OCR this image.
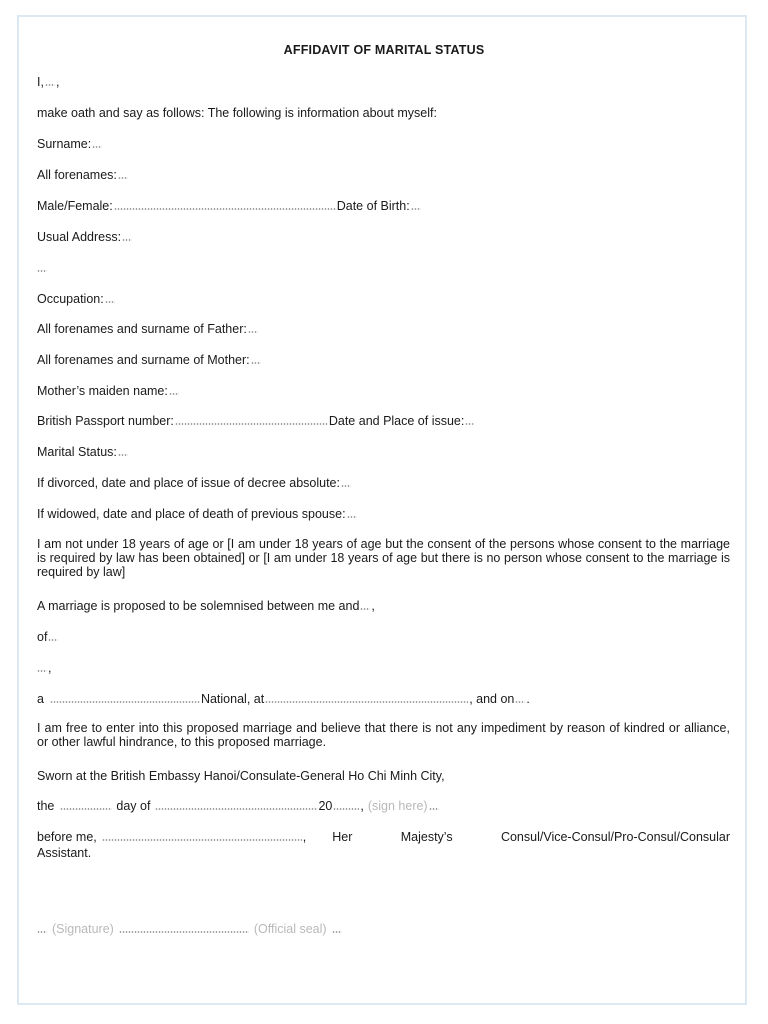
AFFIDAVIT OF MARITAL STATUS
I, ,
make oath and say as follows: The following is information about myself:
Surname:
All forenames:
Male/Female:	Date of Birth:
Usual Address:
Occupation:
All forenames and surname of Father:
All forenames and surname of Mother:
Mother’s maiden name:
British Passport number:	Date and Place of issue:
Marital Status:
If divorced, date and place of issue of decree absolute:
If widowed, date and place of death of previous spouse:
I am not under 18 years of age or [I am under 18 years of age but the consent of the persons whose consent to the marriage is required by law has been obtained] or [I am under 18 years of age but there is no person whose consent to the marriage is required by law]
A marriage is proposed to be solemnised between me and ,
of
,
a	National, at	, and on .
I am free to enter into this proposed marriage and believe that there is not any impediment by reason of kindred or alliance, or other lawful hindrance, to this proposed marriage.
Sworn at the British Embassy Hanoi/Consulate-General Ho Chi Minh City,
the	day of	20 , (sign here)
before me,	, Her Majesty’s Consul/Vice-Consul/Pro-Consul/Consular
Assistant.
(Signature)	(Official seal)
